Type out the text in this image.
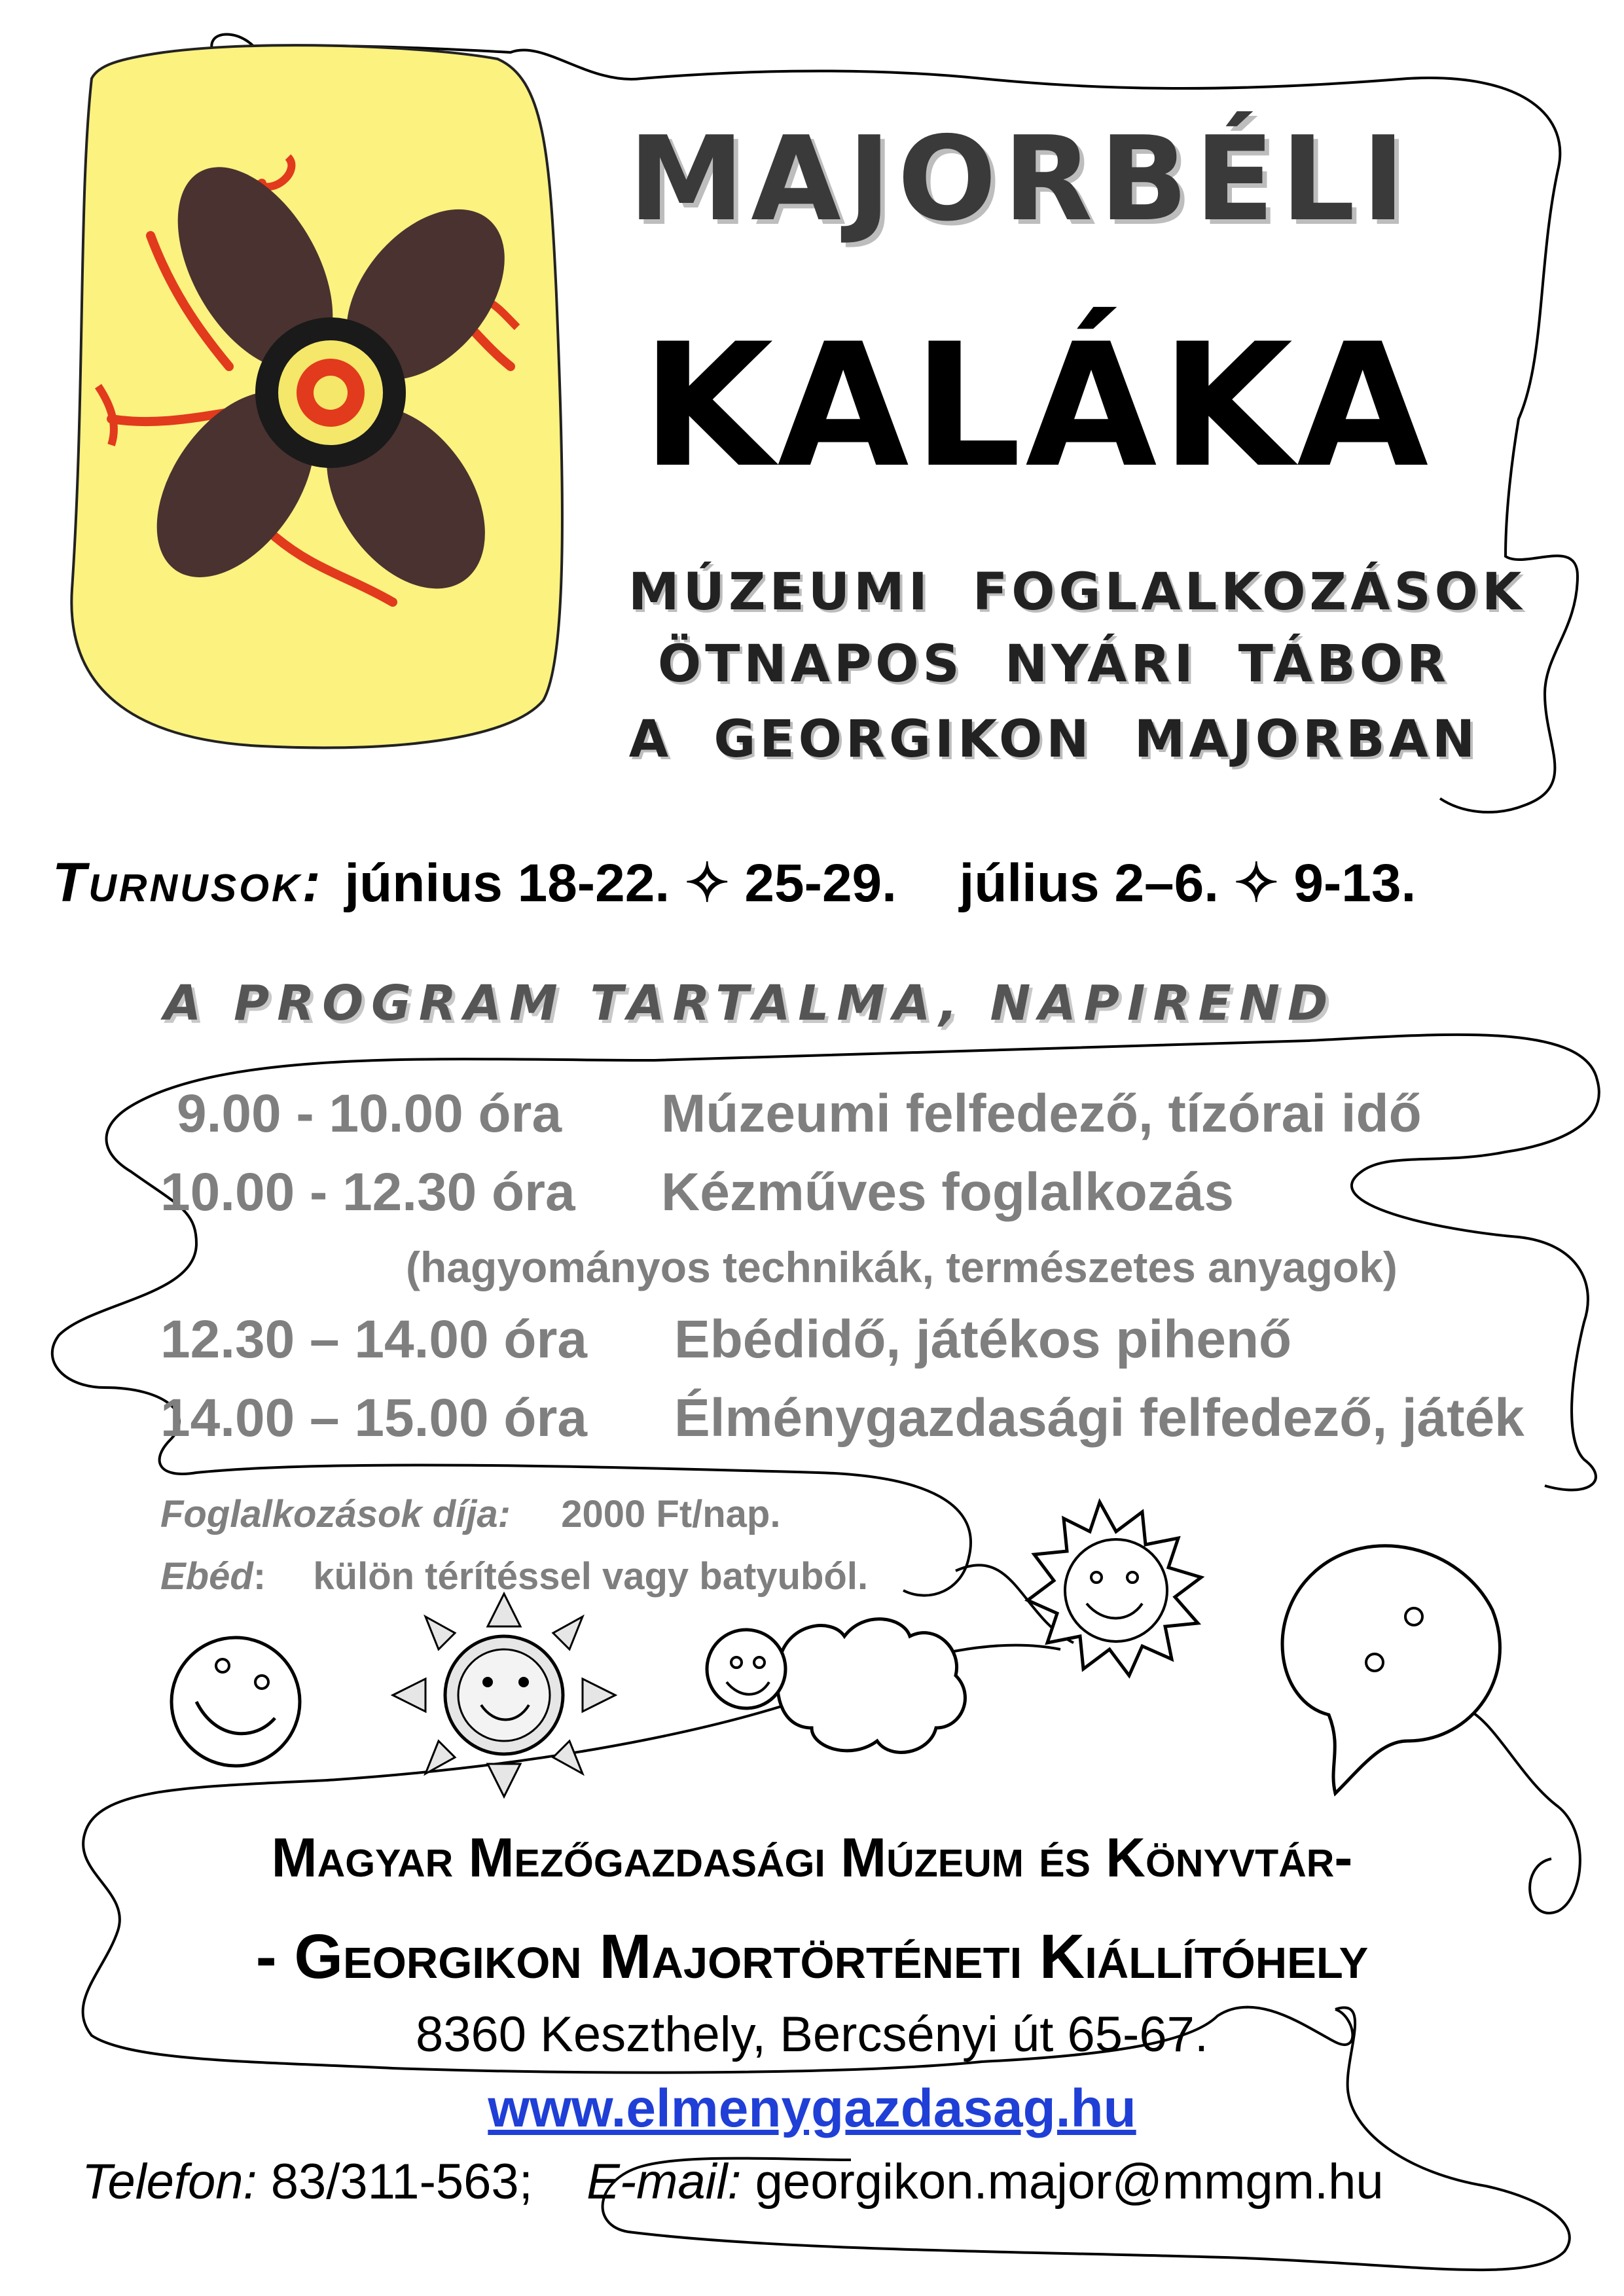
MAJORBÉLI
KALÁKA
MÚZEUMI FOGLALKOZÁSOK
ÖTNAPOS NYÁRI TÁBOR
A GEORGIKON MAJORBAN
Turnusok: június 18-22. ✧ 25-29. július 2–6. ✧ 9-13.
A PROGRAM TARTALMA, NAPIREND
9.00 - 10.00 óra Múzeumi felfedező, tízórai idő
10.00 - 12.30 óra Kézműves foglalkozás
(hagyományos technikák, természetes anyagok)
12.30 – 14.00 óra Ebédidő, játékos pihenő
14.00 – 15.00 óra Élménygazdasági felfedező, játék
Foglalkozások díja: 2000 Ft/nap.
Ebéd: külön térítéssel vagy batyuból.
Magyar Mezőgazdasági Múzeum és Könyvtár-
- Georgikon Majortörténeti Kiállítóhely
8360 Keszthely, Bercsényi út 65-67.
www.elmenygazdasag.hu
Telefon: 83/311-563; E-mail: georgikon.major@mmgm.hu
